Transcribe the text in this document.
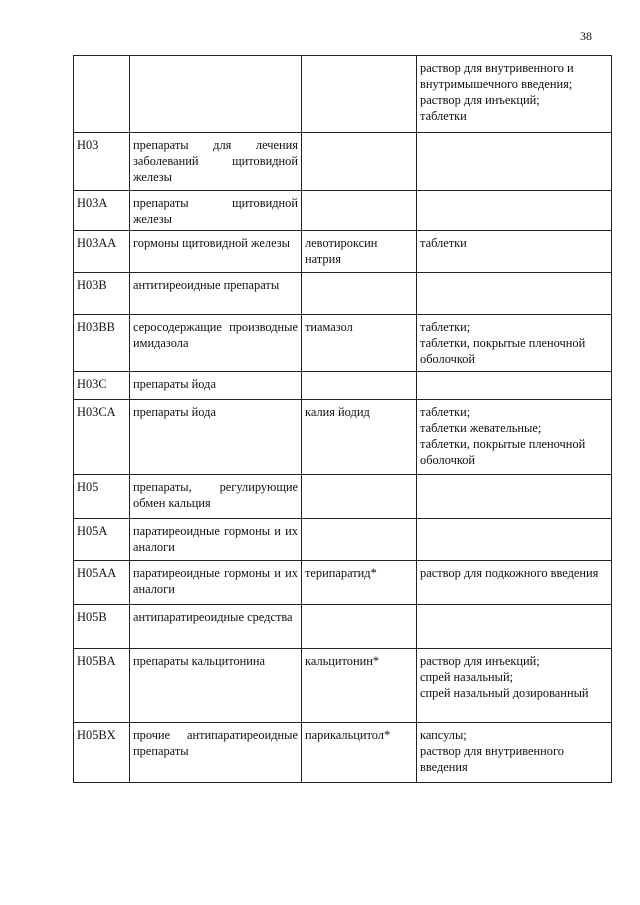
38

			раствор для внутривенного и внутримышечного введения;
раствор для инъекций;
таблетки

H03	препараты для лечения заболеваний щитовидной железы		
H03A	препараты щитовидной железы		
H03AA	гормоны щитовидной железы	левотироксин натрия	таблетки

H03B	антитиреоидные препараты		
H03BB	серосодержащие производные имидазола	тиамазол	таблетки;
таблетки, покрытые пленочной оболочкой

H03C	препараты йода		
H03CA	препараты йода	калия йодид	таблетки;
таблетки жевательные;
таблетки, покрытые пленочной оболочкой

H05	препараты, регулирующие обмен кальция		
H05A	паратиреоидные гормоны и их аналоги		
H05AA	паратиреоидные гормоны и их аналоги	терипаратид*	раствор для подкожного введения

H05B	антипаратиреоидные средства		
H05BA	препараты кальцитонина	кальцитонин*	раствор для инъекций;
спрей назальный;
спрей назальный дозированный

H05BX	прочие антипаратиреоидные препараты	парикальцитол*	капсулы;
раствор для внутривенного введения
